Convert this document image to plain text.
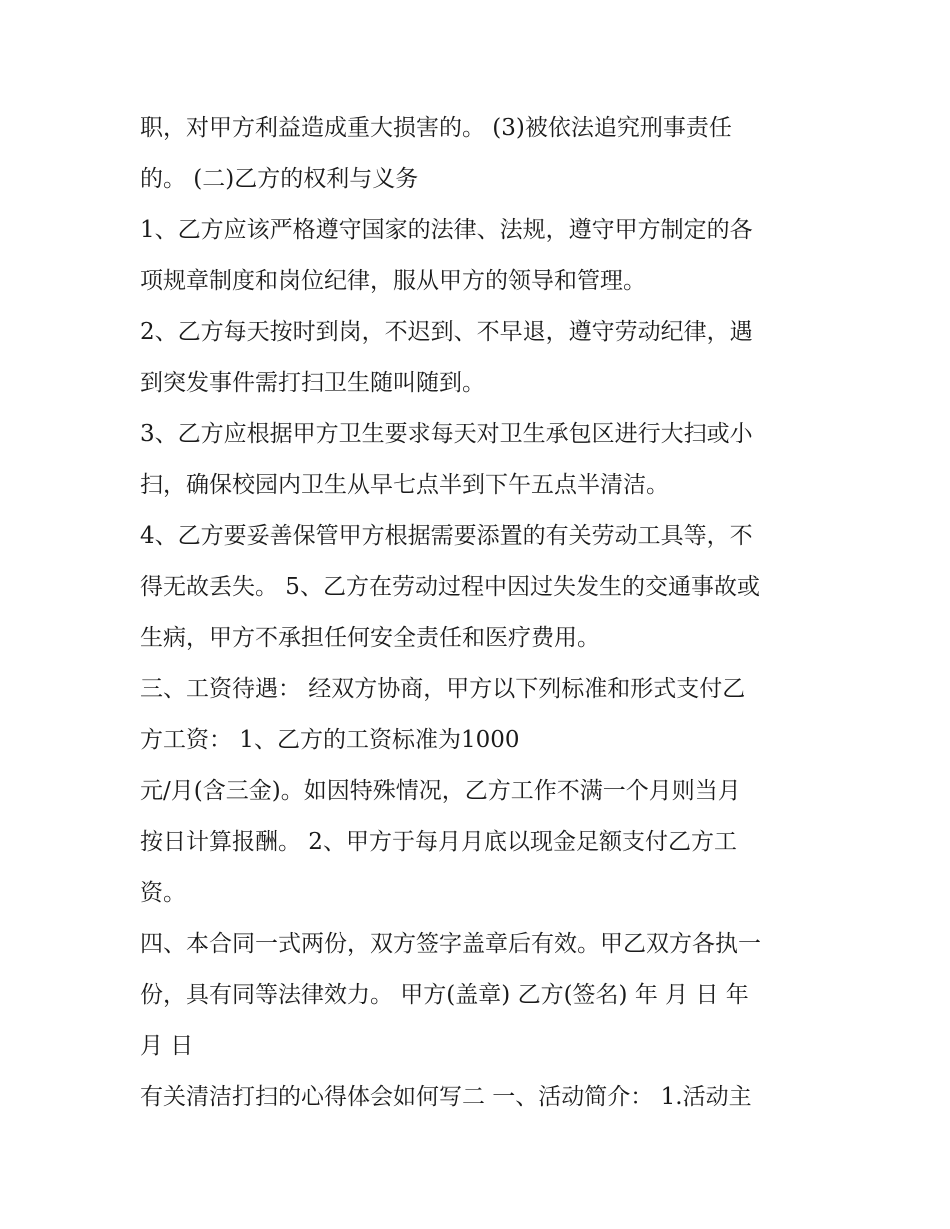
职，对甲方利益造成重大损害的。 (3)被依法追究刑事责任
的。 (二)乙方的权利与义务
1、乙方应该严格遵守国家的法律、法规，遵守甲方制定的各
项规章制度和岗位纪律，服从甲方的领导和管理。
2、乙方每天按时到岗，不迟到、不早退，遵守劳动纪律，遇
到突发事件需打扫卫生随叫随到。
3、乙方应根据甲方卫生要求每天对卫生承包区进行大扫或小
扫，确保校园内卫生从早七点半到下午五点半清洁。
4、乙方要妥善保管甲方根据需要添置的有关劳动工具等，不
得无故丢失。 5、乙方在劳动过程中因过失发生的交通事故或
生病，甲方不承担任何安全责任和医疗费用。
三、工资待遇： 经双方协商，甲方以下列标准和形式支付乙
方工资： 1、乙方的工资标准为1000
元/月(含三金)。如因特殊情况，乙方工作不满一个月则当月
按日计算报酬。 2、甲方于每月月底以现金足额支付乙方工
资。
四、本合同一式两份，双方签字盖章后有效。甲乙双方各执一
份，具有同等法律效力。 甲方(盖章) 乙方(签名) 年 月 日 年
月 日
有关清洁打扫的心得体会如何写二 一、活动简介： 1.活动主
